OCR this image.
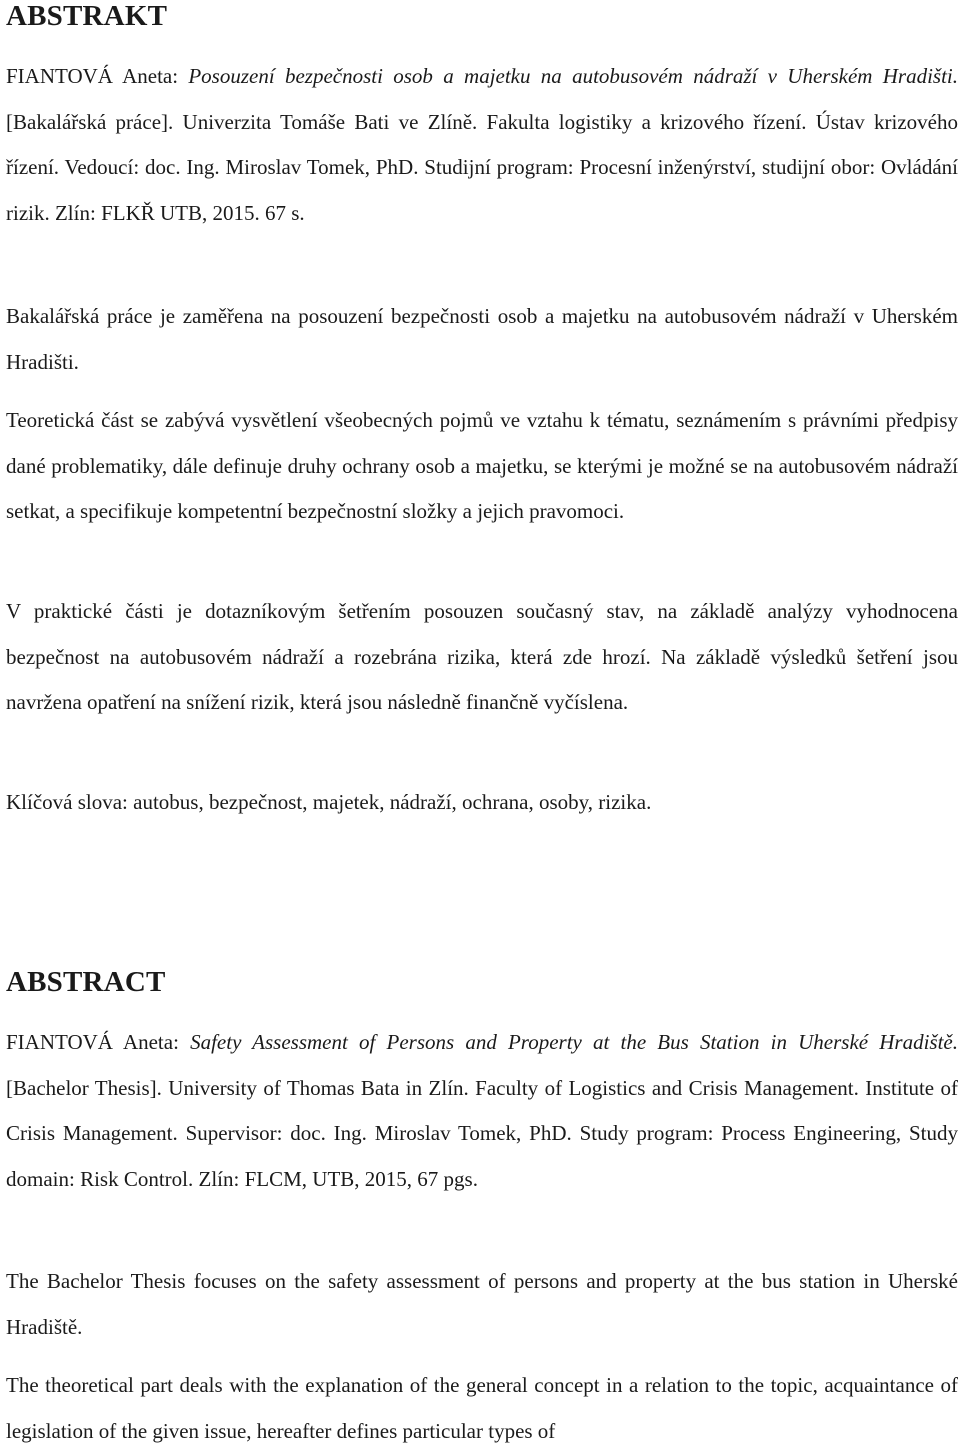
ABSTRAKT

FIANTOVÁ Aneta: Posouzení bezpečnosti osob a majetku na autobusovém nádraží v Uherském Hradišti. [Bakalářská práce]. Univerzita Tomáše Bati ve Zlíně. Fakulta logistiky a krizového řízení. Ústav krizového řízení. Vedoucí: doc. Ing. Miroslav Tomek, PhD. Studijní program: Procesní inženýrství, studijní obor: Ovládání rizik. Zlín: FLKŘ UTB, 2015. 67 s.

Bakalářská práce je zaměřena na posouzení bezpečnosti osob a majetku na autobusovém nádraží v Uherském Hradišti.

Teoretická část se zabývá vysvětlení všeobecných pojmů ve vztahu k tématu, seznámením s právními předpisy dané problematiky, dále definuje druhy ochrany osob a majetku, se kterými je možné se na autobusovém nádraží setkat, a specifikuje kompetentní bezpečnostní složky a jejich pravomoci.

V praktické části je dotazníkovým šetřením posouzen současný stav, na základě analýzy vyhodnocena bezpečnost na autobusovém nádraží a rozebrána rizika, která zde hrozí. Na základě výsledků šetření jsou navržena opatření na snížení rizik, která jsou následně finančně vyčíslena.

Klíčová slova: autobus, bezpečnost, majetek, nádraží, ochrana, osoby, rizika.

ABSTRACT

FIANTOVÁ Aneta: Safety Assessment of Persons and Property at the Bus Station in Uherské Hradiště. [Bachelor Thesis]. University of Thomas Bata in Zlín. Faculty of Logistics and Crisis Management. Institute of Crisis Management. Supervisor: doc. Ing. Miroslav Tomek, PhD. Study program: Process Engineering, Study domain: Risk Control. Zlín: FLCM, UTB, 2015, 67 pgs.

The Bachelor Thesis focuses on the safety assessment of persons and property at the bus station in Uherské Hradiště.

The theoretical part deals with the explanation of the general concept in a relation to the topic, acquaintance of legislation of the given issue, hereafter defines particular types of
